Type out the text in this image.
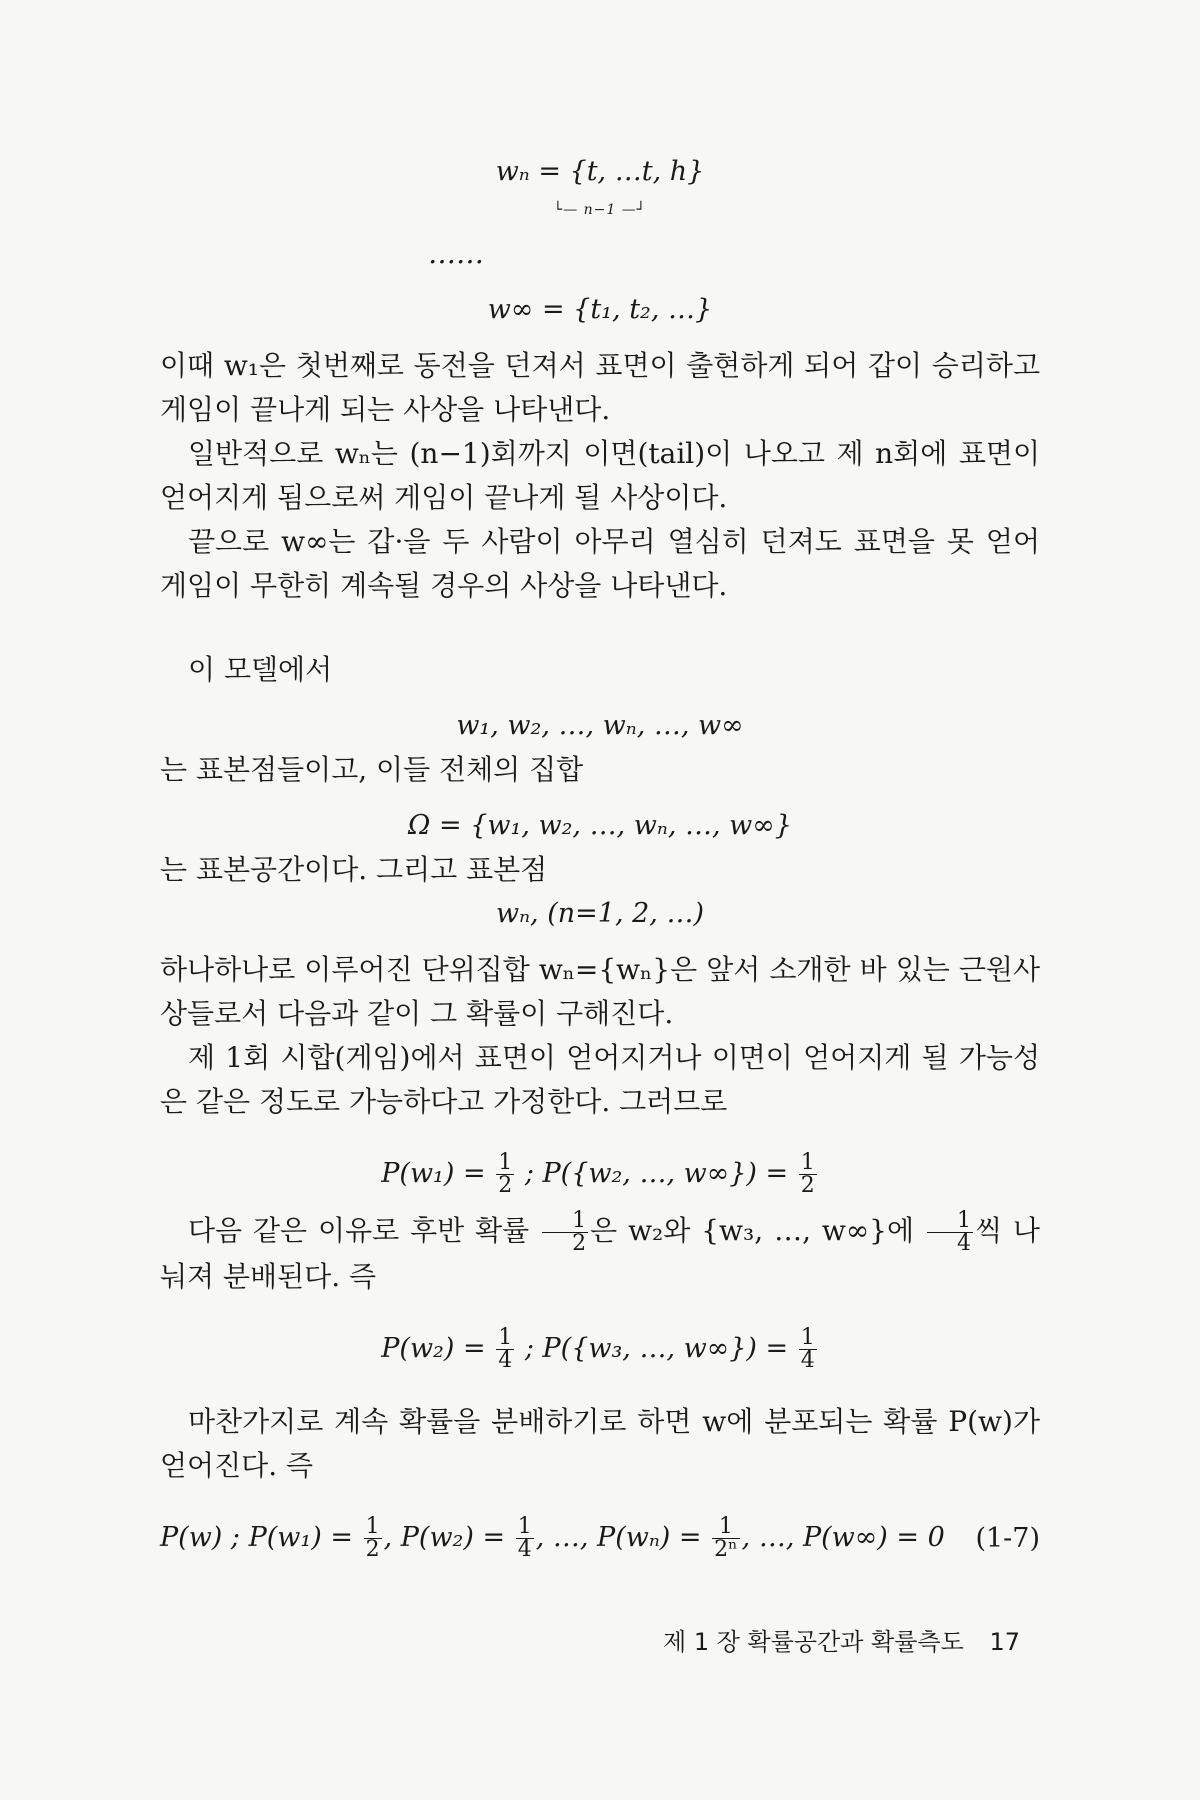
wₙ = {t, …t, h}
└— n−1 —┘
……
w∞ = {t₁, t₂, …}

이때 w₁은 첫번째로 동전을 던져서 표면이 출현하게 되어 갑이 승리하고 게임이 끝나게 되는 사상을 나타낸다.

일반적으로 wₙ는 (n−1)회까지 이면(tail)이 나오고 제 n회에 표면이 얻어지게 됨으로써 게임이 끝나게 될 사상이다.

끝으로 w∞는 갑·을 두 사람이 아무리 열심히 던져도 표면을 못 얻어 게임이 무한히 계속될 경우의 사상을 나타낸다.

이 모델에서

w₁, w₂, …, wₙ, …, w∞

는 표본점들이고, 이들 전체의 집합

Ω = {w₁, w₂, …, wₙ, …, w∞}

는 표본공간이다. 그리고 표본점

wₙ, (n=1, 2, …)

하나하나로 이루어진 단위집합 wₙ={wₙ}은 앞서 소개한 바 있는 근원사상들로서 다음과 같이 그 확률이 구해진다.

제 1회 시합(게임)에서 표면이 얻어지거나 이면이 얻어지게 될 가능성은 같은 정도로 가능하다고 가정한다. 그러므로

$P(w_1) = \frac{1}{2}$ ; P({w₂, …, $w\infty\}) = \frac{1}{2}$

다음 같은 이유로 후반 확률 $\frac{1}{2}$ 은 w₂와 {w₃, …, w∞}에 $\frac{1}{4}$ 씩 나눠져 분배된다. 즉

$P(w_2) = \frac{1}{4}$ ; P({w₃, …, $w\infty\}) = \frac{1}{4}$

마찬가지로 계속 확률을 분배하기로 하면 w에 분포되는 확률 P(w)가 얻어진다. 즉

P(w) ; $P(w_1) = \frac{1}{2}$ , $P(w_2) = \frac{1}{4}$ , …, $P(w_n) = \frac{1}{\text{2ⁿ}}$ , …, P(w∞) = 0 (1-7)
제 1 장 확률공간과 확률측도 17
